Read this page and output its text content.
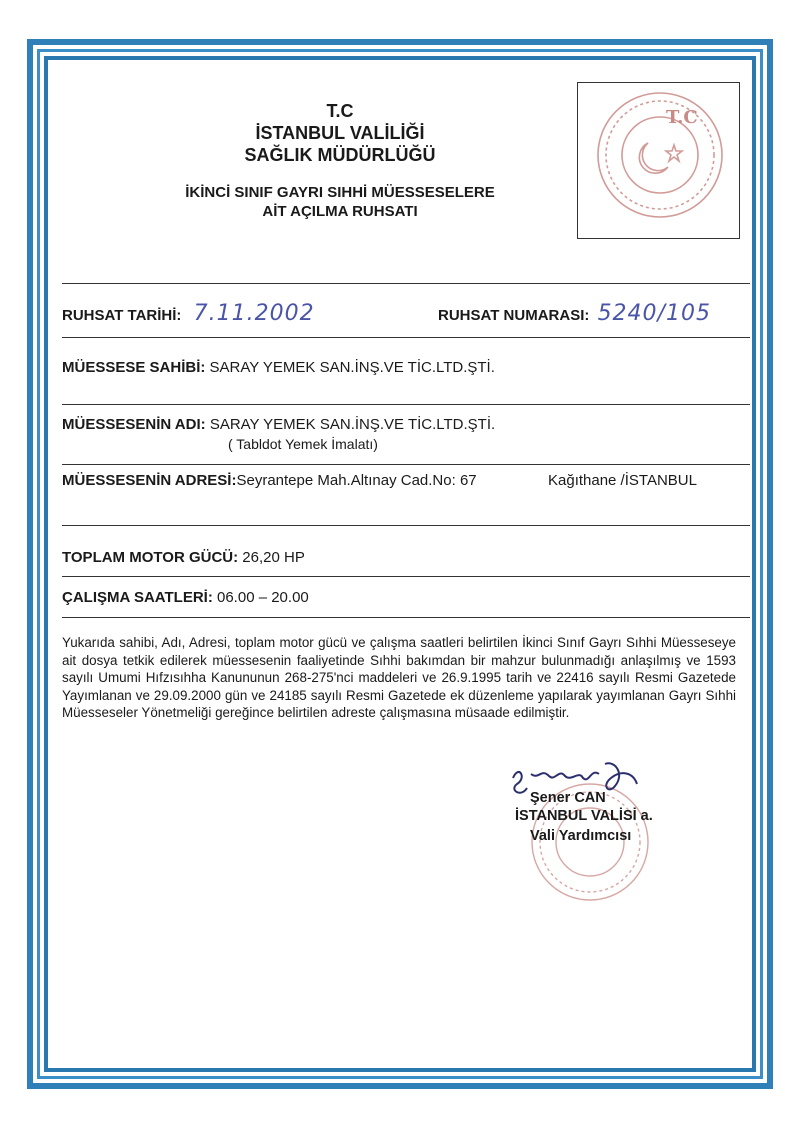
T.C
İSTANBUL VALİLİĞİ
SAĞLIK MÜDÜRLÜĞÜ
İKİNCİ SINIF GAYRI SIHHİ MÜESSESELERE
AİT AÇILMA RUHSATI
T.C
RUHSAT TARİHİ: 7.11.2002	RUHSAT NUMARASI: 5240/105
MÜESSESE SAHİBİ: SARAY YEMEK SAN.İNŞ.VE TİC.LTD.ŞTİ.
MÜESSESENİN ADI: SARAY YEMEK SAN.İNŞ.VE TİC.LTD.ŞTİ.
( Tabldot Yemek İmalatı)
MÜESSESENİN ADRESİ:Seyrantepe Mah.Altınay Cad.No: 67	Kağıthane /İSTANBUL
TOPLAM MOTOR GÜCÜ: 26,20 HP
ÇALIŞMA SAATLERİ: 06.00 – 20.00
Yukarıda sahibi, Adı, Adresi, toplam motor gücü ve çalışma saatleri belirtilen İkinci Sınıf Gayrı Sıhhi Müesseseye ait dosya tetkik edilerek müessesenin faaliyetinde Sıhhi bakımdan bir mahzur bulunmadığı anlaşılmış ve 1593 sayılı Umumi Hıfzısıhha Kanununun 268-275'nci maddeleri ve 26.9.1995 tarih ve 22416 sayılı Resmi Gazetede Yayımlanan ve 29.09.2000 gün ve 24185 sayılı Resmi Gazetede ek düzenleme yapılarak yayımlanan Gayrı Sıhhi Müesseseler Yönetmeliği gereğince belirtilen adreste çalışmasına müsaade edilmiştir.
Şener CAN
İSTANBUL VALİSİ a.
Vali Yardımcısı
